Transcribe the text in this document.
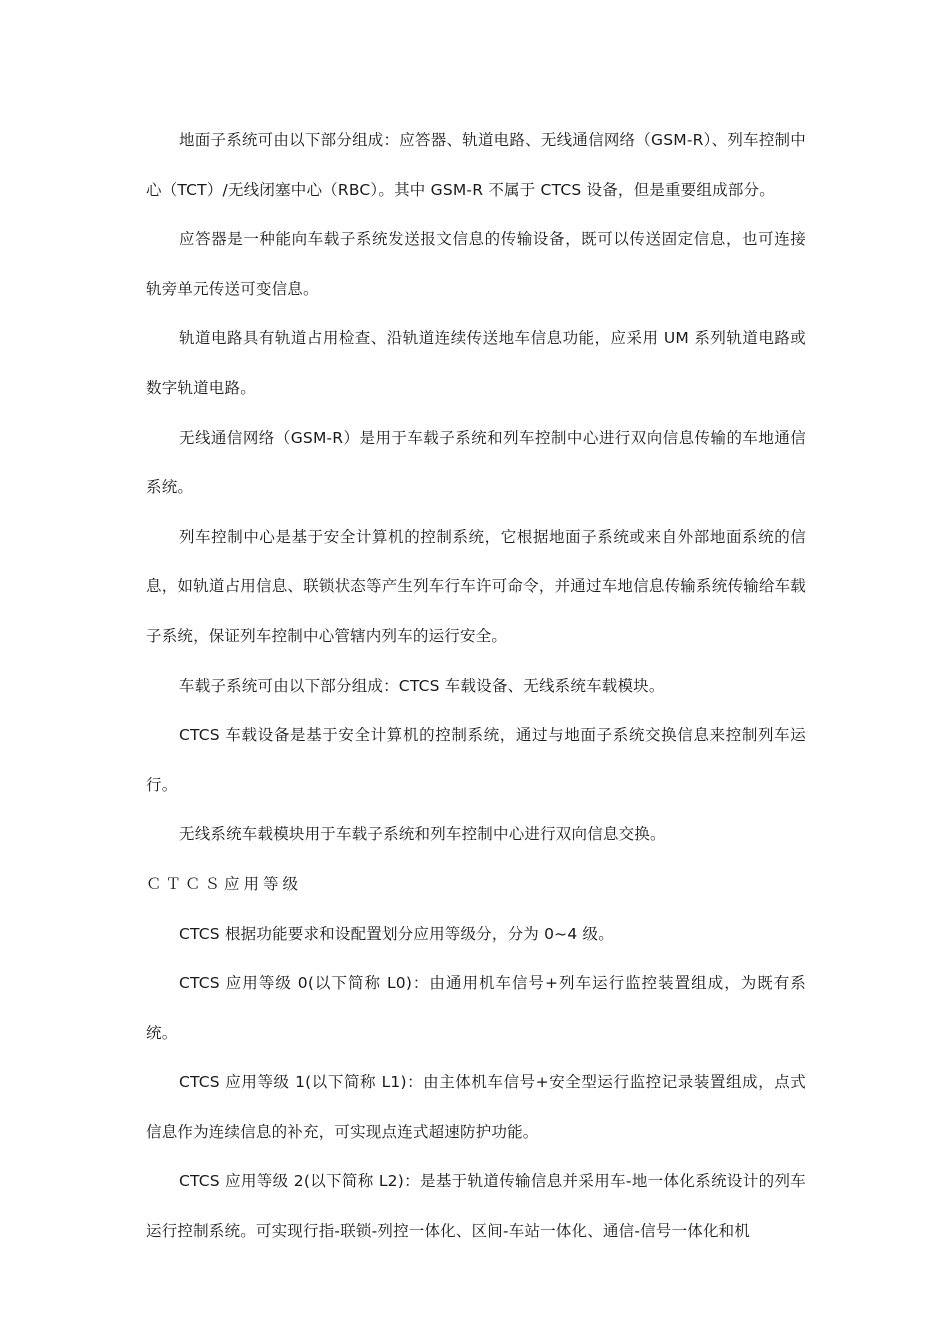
地面子系统可由以下部分组成：应答器、轨道电路、无线通信网络（GSM-R）、列车控制中心（TCT）/无线闭塞中心（RBC）。其中 GSM-R 不属于 CTCS 设备，但是重要组成部分。

应答器是一种能向车载子系统发送报文信息的传输设备，既可以传送固定信息，也可连接轨旁单元传送可变信息。

轨道电路具有轨道占用检查、沿轨道连续传送地车信息功能，应采用 UM 系列轨道电路或数字轨道电路。

无线通信网络（GSM-R）是用于车载子系统和列车控制中心进行双向信息传输的车地通信系统。

列车控制中心是基于安全计算机的控制系统，它根据地面子系统或来自外部地面系统的信息，如轨道占用信息、联锁状态等产生列车行车许可命令，并通过车地信息传输系统传输给车载子系统，保证列车控制中心管辖内列车的运行安全。

车载子系统可由以下部分组成：CTCS 车载设备、无线系统车载模块。

CTCS 车载设备是基于安全计算机的控制系统，通过与地面子系统交换信息来控制列车运行。

无线系统车载模块用于车载子系统和列车控制中心进行双向信息交换。

ＣＴＣＳ应用等级

CTCS 根据功能要求和设配置划分应用等级分，分为 0~4 级。

CTCS 应用等级 0(以下简称 L0)：由通用机车信号+列车运行监控装置组成，为既有系统。

CTCS 应用等级 1(以下简称 L1)：由主体机车信号+安全型运行监控记录装置组成，点式信息作为连续信息的补充，可实现点连式超速防护功能。

CTCS 应用等级 2(以下简称 L2)：是基于轨道传输信息并采用车-地一体化系统设计的列车运行控制系统。可实现行指-联锁-列控一体化、区间-车站一体化、通信-信号一体化和机
